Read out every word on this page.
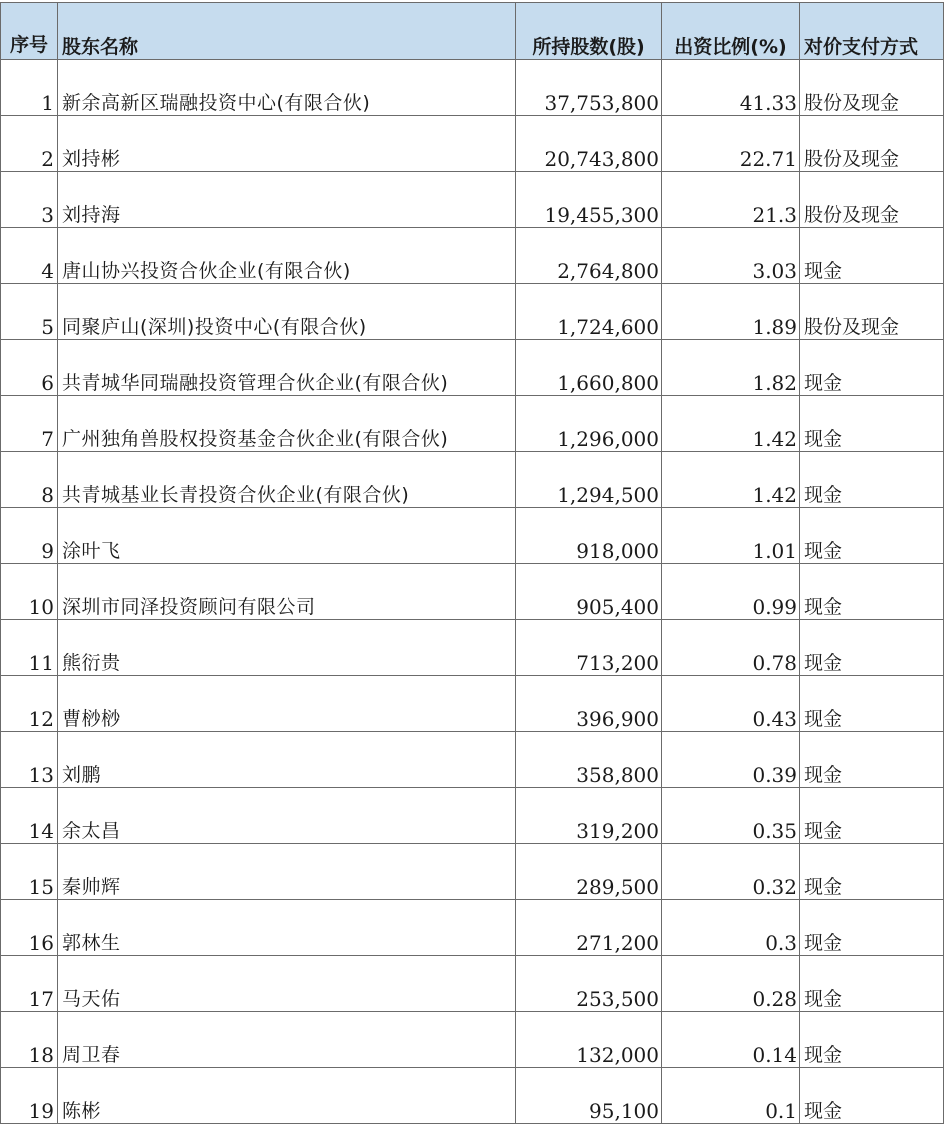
序号	股东名称	所持股数(股)	出资比例(%)	对价支付方式
1	新余高新区瑞融投资中心(有限合伙)	37,753,800	41.33	股份及现金
2	刘持彬	20,743,800	22.71	股份及现金
3	刘持海	19,455,300	21.3	股份及现金
4	唐山协兴投资合伙企业(有限合伙)	2,764,800	3.03	现金
5	同聚庐山(深圳)投资中心(有限合伙)	1,724,600	1.89	股份及现金
6	共青城华同瑞融投资管理合伙企业(有限合伙)	1,660,800	1.82	现金
7	广州独角兽股权投资基金合伙企业(有限合伙)	1,296,000	1.42	现金
8	共青城基业长青投资合伙企业(有限合伙)	1,294,500	1.42	现金
9	涂叶飞	918,000	1.01	现金
10	深圳市同泽投资顾问有限公司	905,400	0.99	现金
11	熊衍贵	713,200	0.78	现金
12	曹桫桫	396,900	0.43	现金
13	刘鹏	358,800	0.39	现金
14	余太昌	319,200	0.35	现金
15	秦帅辉	289,500	0.32	现金
16	郭林生	271,200	0.3	现金
17	马天佑	253,500	0.28	现金
18	周卫春	132,000	0.14	现金
19	陈彬	95,100	0.1	现金
